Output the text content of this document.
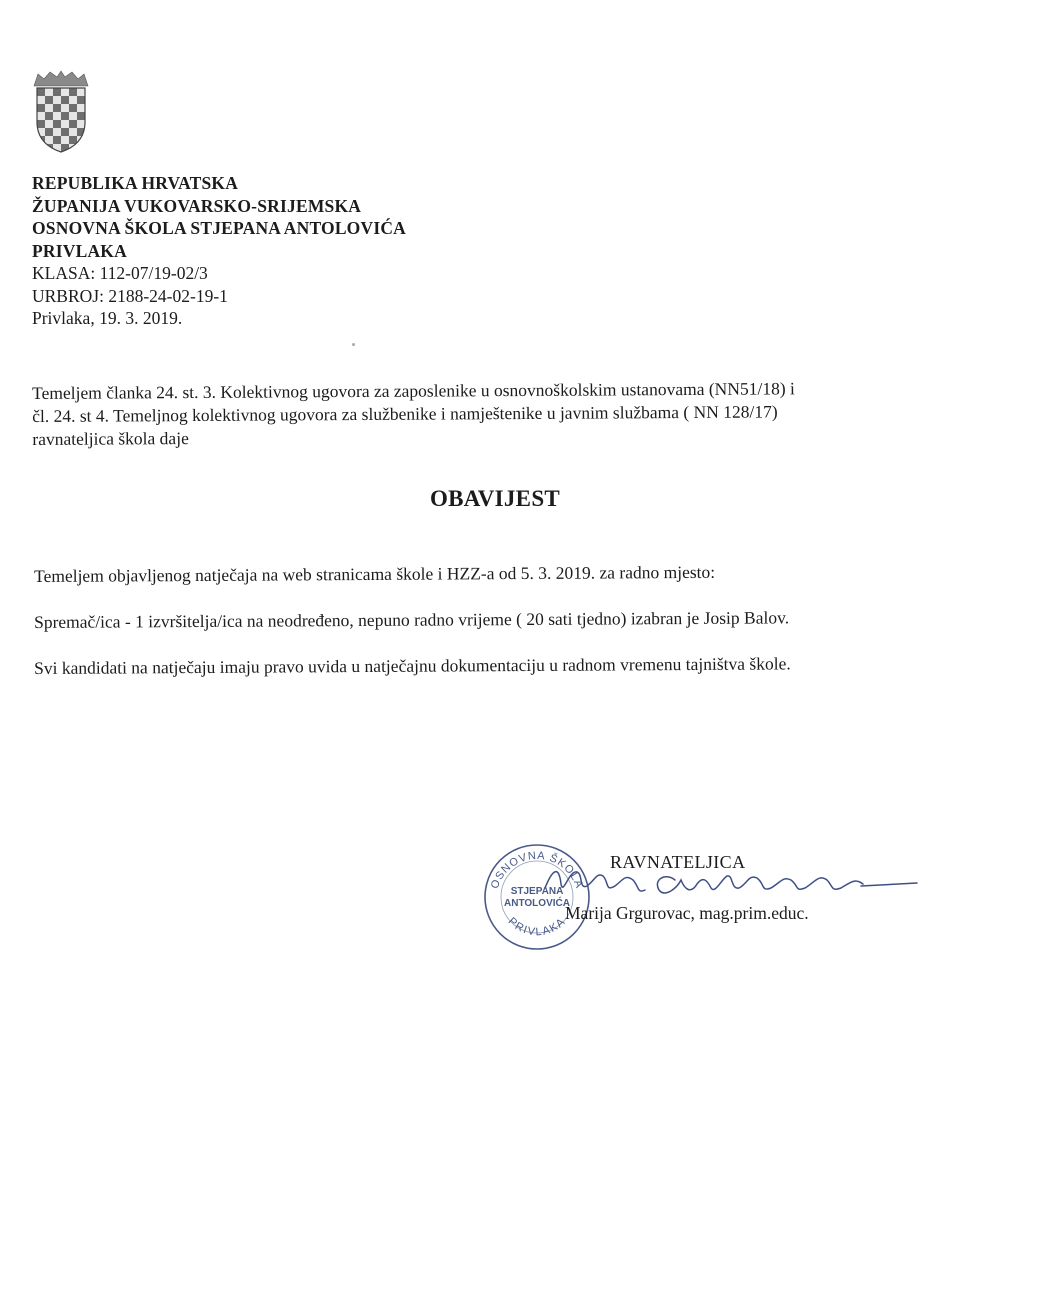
REPUBLIKA HRVATSKA
ŽUPANIJA VUKOVARSKO-SRIJEMSKA
OSNOVNA ŠKOLA STJEPANA ANTOLOVIĆA
PRIVLAKA
KLASA: 112-07/19-02/3
URBROJ: 2188-24-02-19-1
Privlaka, 19. 3. 2019.
Temeljem članka 24. st. 3. Kolektivnog ugovora za zaposlenike u osnovnoškolskim ustanovama (NN51/18) i
čl. 24. st 4. Temeljnog kolektivnog ugovora za službenike i namještenike u javnim službama ( NN 128/17)
ravnateljica škola daje
OBAVIJEST
Temeljem objavljenog natječaja na web stranicama škole i HZZ-a od 5. 3. 2019. za radno mjesto:
Spremač/ica - 1 izvršitelja/ica na neodređeno, nepuno radno vrijeme ( 20 sati tjedno) izabran je Josip Balov.
Svi kandidati na natječaju imaju pravo uvida u natječajnu dokumentaciju u radnom vremenu tajništva škole.
OSNOVNA ŠKOLA
STJEPANA
ANTOLOVIĆA
PRIVLAKA
RAVNATELJICA
Marija Grgurovac, mag.prim.educ.
